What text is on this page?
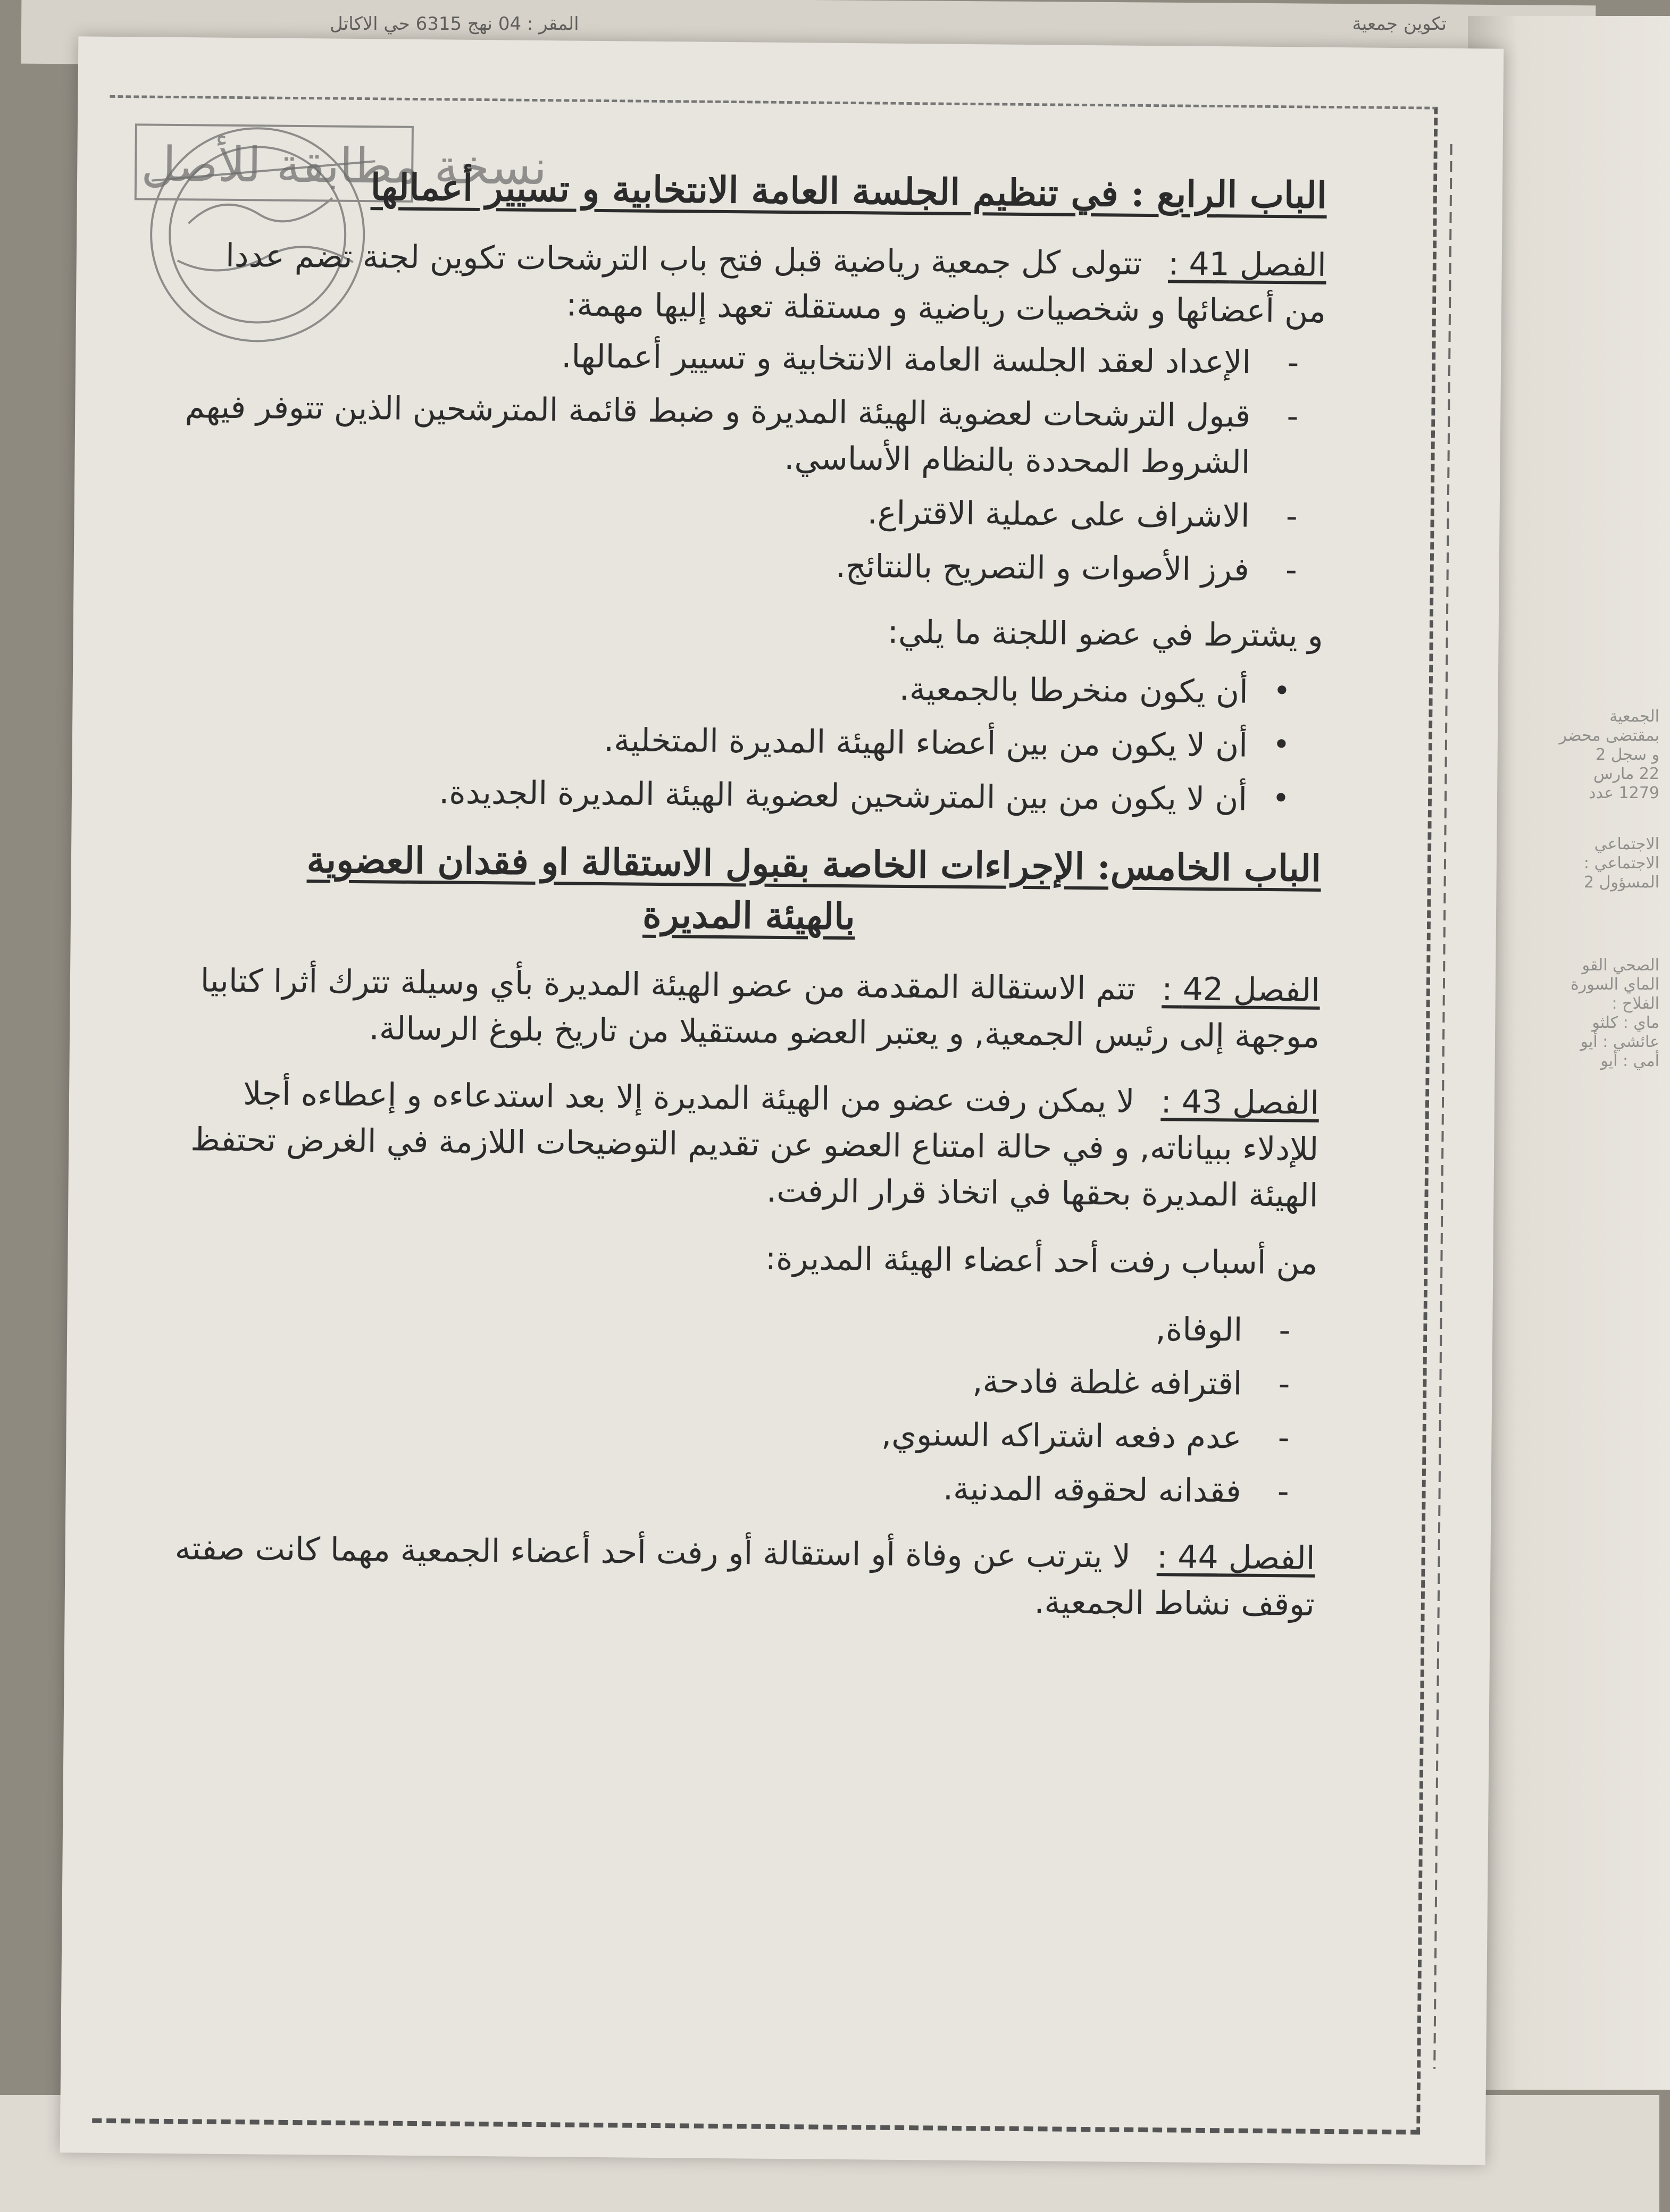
تكوين جمعية
المقر : 04 نهج 6315 حي الاكاتل
الجمعية
بمقتضى محضر
و سجل 2
22 مارس
1279 عدد
الاجتماعي
الاجتماعي :
المسؤول 2
الصحي القو
الماي السورة
الفلاح :
ماي : كلثو
عائشي : أيو
أمي : أيو
نسخة مطابقة للأصل
الباب الرابع : في تنظيم الجلسة العامة الانتخابية و تسيير أعمالها

الفصل 41 : تتولى كل جمعية رياضية قبل فتح باب الترشحات تكوين لجنة تضم عددا من أعضائها و شخصيات رياضية و مستقلة تعهد إليها مهمة:

- الإعداد لعقد الجلسة العامة الانتخابية و تسيير أعمالها.
- قبول الترشحات لعضوية الهيئة المديرة و ضبط قائمة المترشحين الذين تتوفر فيهم الشروط المحددة بالنظام الأساسي.
- الاشراف على عملية الاقتراع.
- فرز الأصوات و التصريح بالنتائج.

و يشترط في عضو اللجنة ما يلي:

• أن يكون منخرطا بالجمعية.
• أن لا يكون من بين أعضاء الهيئة المديرة المتخلية.
• أن لا يكون من بين المترشحين لعضوية الهيئة المديرة الجديدة.
الباب الخامس: الإجراءات الخاصة بقبول الاستقالة او فقدان العضوية
بالهيئة المديرة

الفصل 42 : تتم الاستقالة المقدمة من عضو الهيئة المديرة بأي وسيلة تترك أثرا كتابيا موجهة إلى رئيس الجمعية, و يعتبر العضو مستقيلا من تاريخ بلوغ الرسالة.

الفصل 43 : لا يمكن رفت عضو من الهيئة المديرة إلا بعد استدعاءه و إعطاءه أجلا للإدلاء ببياناته, و في حالة امتناع العضو عن تقديم التوضيحات اللازمة في الغرض تحتفظ الهيئة المديرة بحقها في اتخاذ قرار الرفت.

من أسباب رفت أحد أعضاء الهيئة المديرة:

- الوفاة,
- اقترافه غلطة فادحة,
- عدم دفعه اشتراكه السنوي,
- فقدانه لحقوقه المدنية.

الفصل 44 : لا يترتب عن وفاة أو استقالة أو رفت أحد أعضاء الجمعية مهما كانت صفته توقف نشاط الجمعية.
